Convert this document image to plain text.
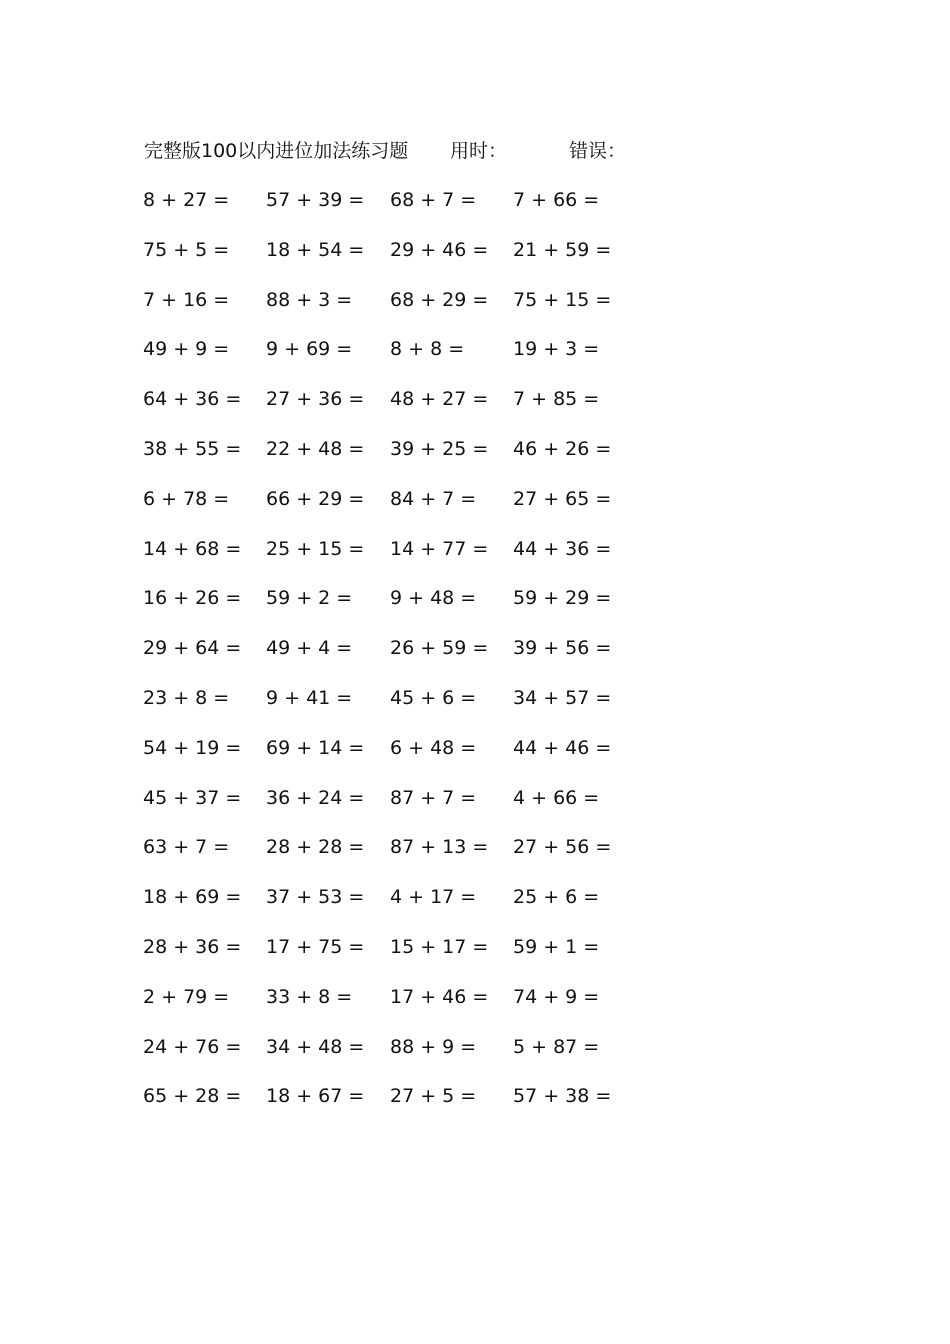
完整版100以内进位加法练习题 用时：	错误：
8 + 27 = 57 + 39 = 68 + 7 = 7 + 66 =
75 + 5 = 18 + 54 = 29 + 46 = 21 + 59 =
7 + 16 = 88 + 3 = 68 + 29 = 75 + 15 =
49 + 9 = 9 + 69 = 8 + 8 =	19 + 3 =
64 + 36 = 27 + 36 = 48 + 27 = 7 + 85 =
38 + 55 = 22 + 48 = 39 + 25 = 46 + 26 =
6 + 78 = 66 + 29 = 84 + 7 = 27 + 65 =
14 + 68 = 25 + 15 = 14 + 77 = 44 + 36 =
16 + 26 = 59 + 2 = 9 + 48 = 59 + 29 =
29 + 64 = 49 + 4 = 26 + 59 = 39 + 56 =
23 + 8 = 9 + 41 = 45 + 6 = 34 + 57 =
54 + 19 = 69 + 14 = 6 + 48 = 44 + 46 =
45 + 37 = 36 + 24 = 87 + 7 = 4 + 66 =
63 + 7 = 28 + 28 = 87 + 13 = 27 + 56 =
18 + 69 = 37 + 53 = 4 + 17 = 25 + 6 =
28 + 36 = 17 + 75 = 15 + 17 = 59 + 1 =
2 + 79 = 33 + 8 = 17 + 46 = 74 + 9 =
24 + 76 = 34 + 48 = 88 + 9 = 5 + 87 =
65 + 28 = 18 + 67 = 27 + 5 = 57 + 38 =
